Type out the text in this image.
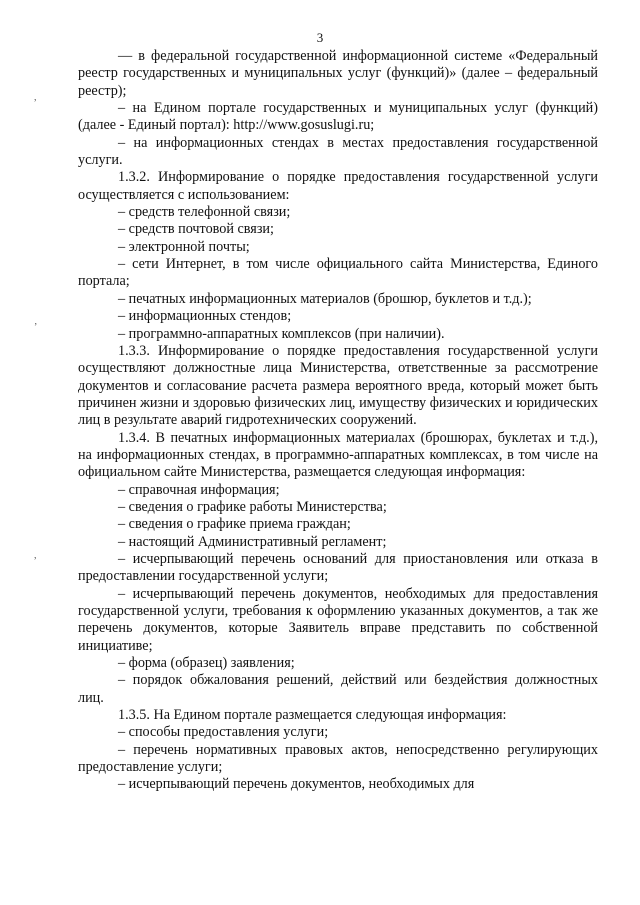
3
,
’
,

— в федеральной государственной информационной системе «Федеральный реестр государственных и муниципальных услуг (функций)» (далее – федеральный реестр);

– на Едином портале государственных и муниципальных услуг (функций) (далее - Единый портал): http://www.gosuslugi.ru;

– на информационных стендах в местах предоставления государственной услуги.

1.3.2. Информирование о порядке предоставления государственной услуги осуществляется с использованием:

– средств телефонной связи;

– средств почтовой связи;

– электронной почты;

– сети Интернет, в том числе официального сайта Министерства, Единого портала;

– печатных информационных материалов (брошюр, буклетов и т.д.);

– информационных стендов;

– программно-аппаратных комплексов (при наличии).

1.3.3. Информирование о порядке предоставления государственной услуги осуществляют должностные лица Министерства, ответственные за рассмотрение документов и согласование расчета размера вероятного вреда, который может быть причинен жизни и здоровью физических лиц, имуществу физических и юридических лиц в результате аварий гидротехнических сооружений.

1.3.4. В печатных информационных материалах (брошюрах, буклетах и т.д.), на информационных стендах, в программно-аппаратных комплексах, в том числе на официальном сайте Министерства, размещается следующая информация:

– справочная информация;

– сведения о графике работы Министерства;

– сведения о графике приема граждан;

– настоящий Административный регламент;

– исчерпывающий перечень оснований для приостановления или отказа в предоставлении государственной услуги;

– исчерпывающий перечень документов, необходимых для предоставления государственной услуги, требования к оформлению указанных документов, а так же перечень документов, которые Заявитель вправе представить по собственной инициативе;

– форма (образец) заявления;

– порядок обжалования решений, действий или бездействия должностных лиц.

1.3.5. На Едином портале размещается следующая информация:

– способы предоставления услуги;

– перечень нормативных правовых актов, непосредственно регулирующих предоставление услуги;

– исчерпывающий перечень документов, необходимых для
